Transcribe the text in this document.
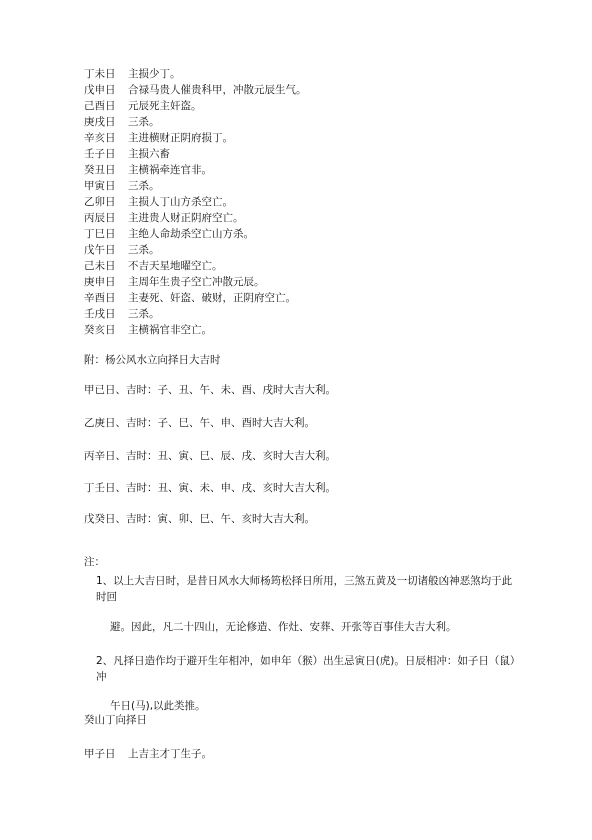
丁未日 主损少丁。
戊申日 合禄马贵人催贵科甲，冲散元辰生气。
己酉日 元辰死主奸盗。
庚戌日 三杀。
辛亥日 主进横财正阴府损丁。
壬子日 主损六畜
癸丑日 主横祸牵连官非。
甲寅日 三杀。
乙卯日 主损人丁山方杀空亡。
丙辰日 主进贵人财正阴府空亡。
丁巳日 主绝人命劫杀空亡山方杀。
戊午日 三杀。
己未日 不吉天星地曜空亡。
庚申日 主周年生贵子空亡冲散元辰。
辛酉日 主妻死、奸盗、破财，正阴府空亡。
壬戌日 三杀。
癸亥日 主横祸官非空亡。
附：杨公风水立向择日大吉时
甲已日、吉时：子、丑、午、未、酉、戌时大吉大利。
乙庚日、吉时：子、巳、午、申、酉时大吉大利。
丙辛日、吉时：丑、寅、巳、辰、戌、亥时大吉大利。
丁壬日、吉时：丑、寅、未、申、戌、亥时大吉大利。
戊癸日、吉时：寅、卯、巳、午、亥时大吉大利。
注：
1、以上大吉日时，是昔日风水大师杨筠松择日所用，三煞五黄及一切诸般凶神恶煞均于此时回
避。因此，凡二十四山，无论修造、作灶、安葬、开张等百事佳大吉大利。
2、凡择日造作均于避开生年相冲，如申年（猴）出生忌寅日(虎)。日辰相冲：如子日（鼠）冲
午日(马),以此类推。
癸山丁向择日
甲子日 上吉主才丁生子。
